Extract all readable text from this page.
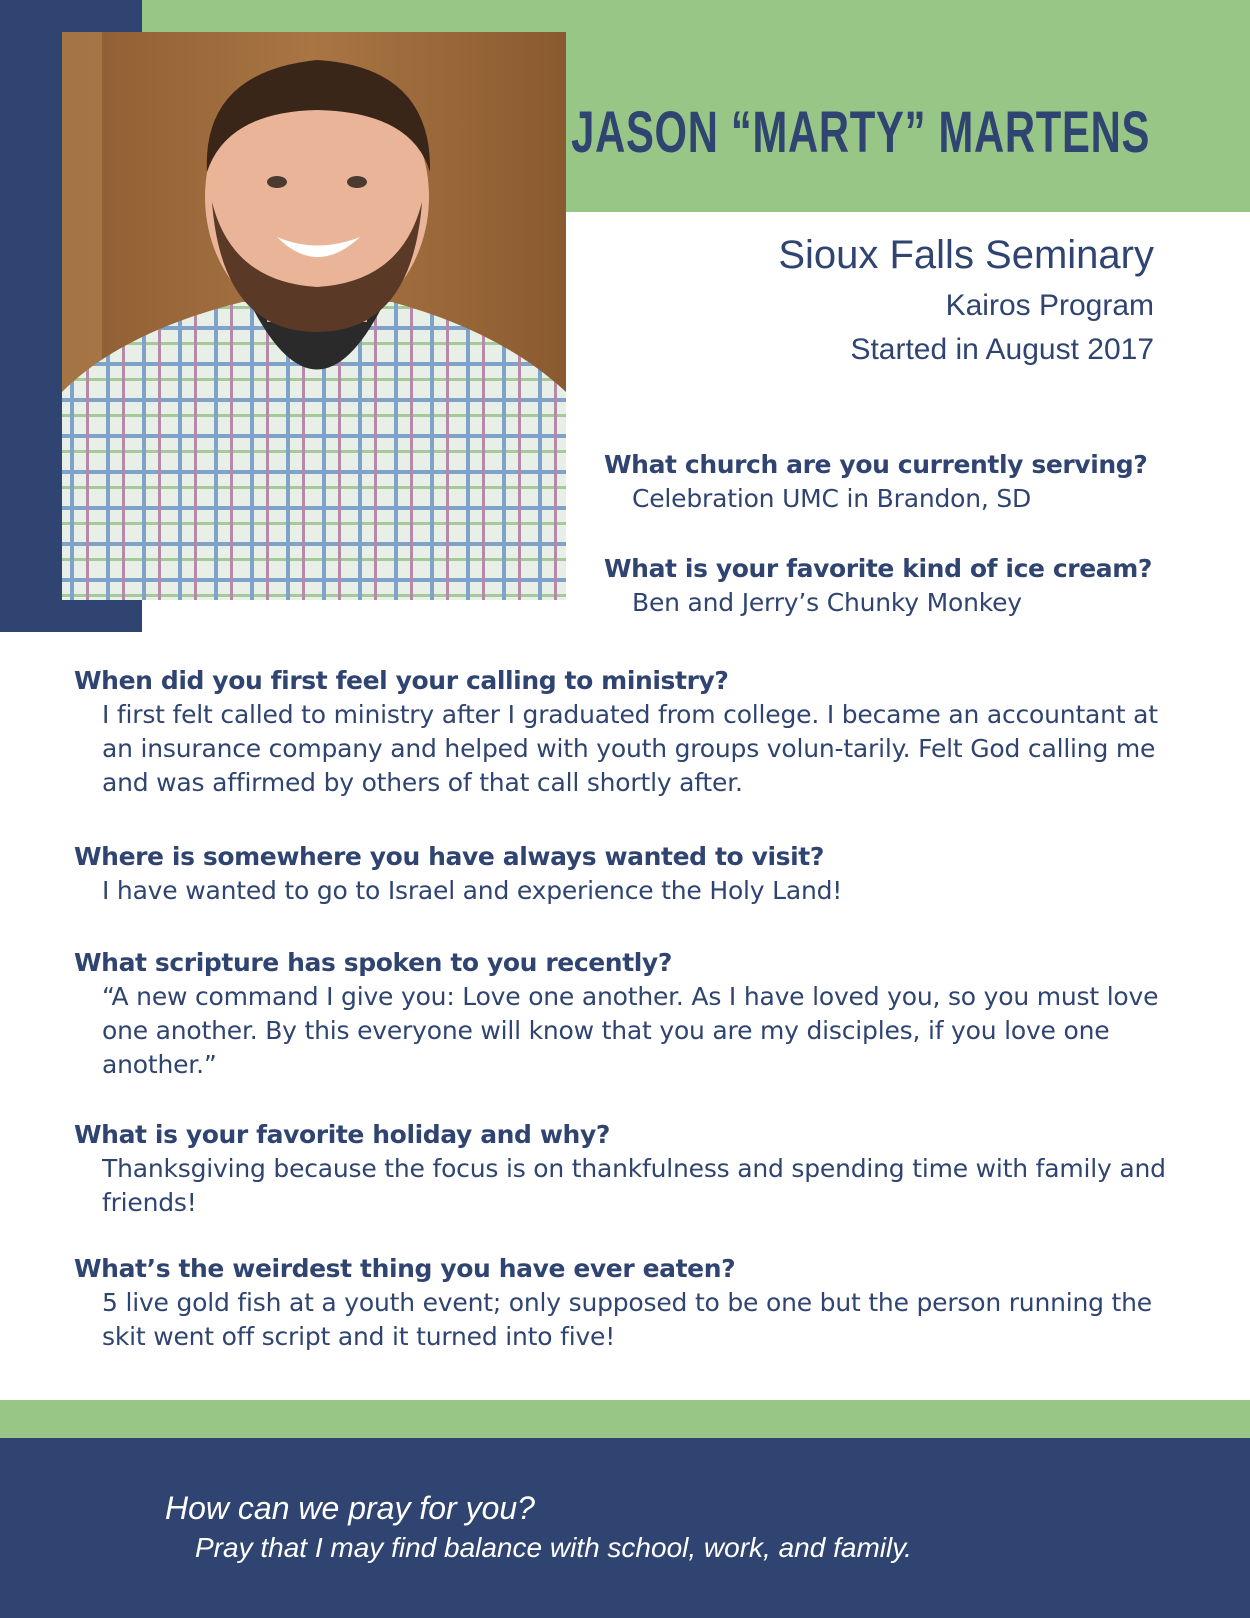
JASON “MARTY” MARTENS
Sioux Falls Seminary
Kairos Program
Started in August 2017
What church are you currently serving?
Celebration UMC in Brandon, SD
What is your favorite kind of ice cream?
Ben and Jerry’s Chunky Monkey
When did you first feel your calling to ministry?
I first felt called to ministry after I graduated from college. I became an accountant at an insurance company and helped with youth groups volun-tarily. Felt God calling me and was affirmed by others of that call shortly after.
Where is somewhere you have always wanted to visit?
I have wanted to go to Israel and experience the Holy Land!
What scripture has spoken to you recently?
“A new command I give you: Love one another. As I have loved you, so you must love one another. By this everyone will know that you are my disciples, if you love one another.”
What is your favorite holiday and why?
Thanksgiving because the focus is on thankfulness and spending time with family and friends!
What’s the weirdest thing you have ever eaten?
5 live gold fish at a youth event; only supposed to be one but the person running the skit went off script and it turned into five!
How can we pray for you?
Pray that I may find balance with school, work, and family.
